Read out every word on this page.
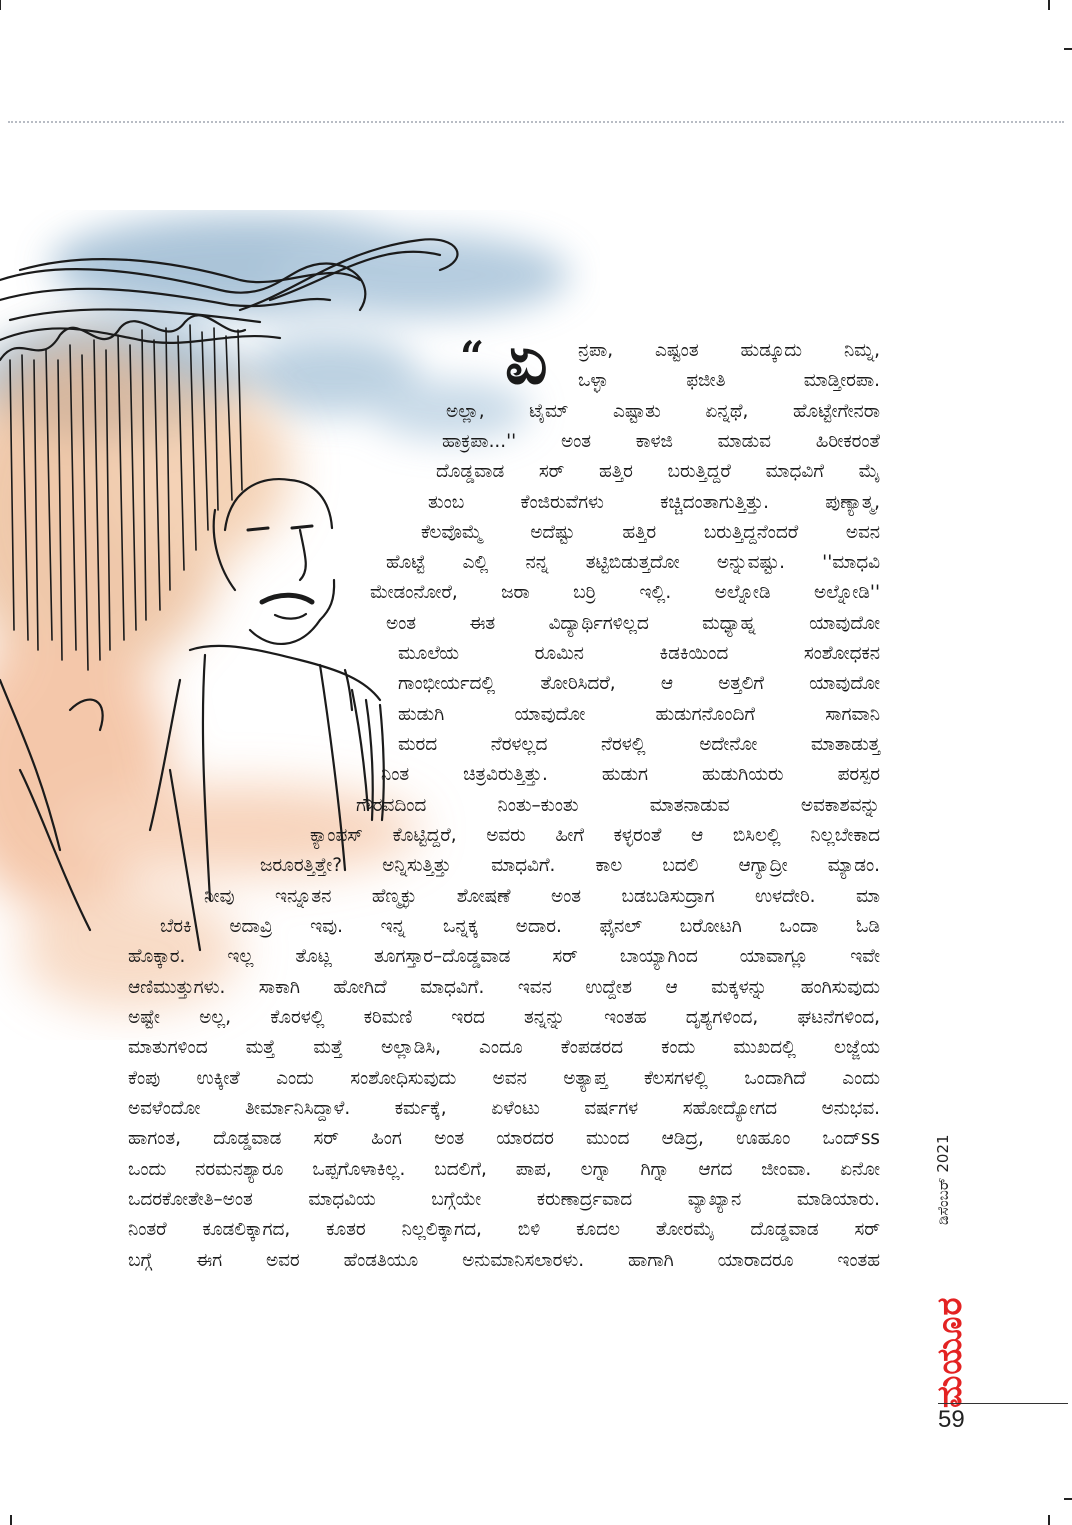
“ ಏ ನ್ರಪಾ, ಎಷ್ಟಂತ ಹುಡ್ಕೂದು ನಿಮ್ನ,
ಒಳ್ಳಾ ಫಜೀತಿ ಮಾಡ್ತೀರಪಾ.
ಅಲ್ಲಾ, ಟೈಮ್ ಎಷ್ಟಾತು ಏನ್ನಥೆ, ಹೊಟ್ಟೇಗೇನರಾ
ಹಾಕ್ರಪಾ...'' ಅಂತ ಕಾಳಜಿ ಮಾಡುವ ಹಿರೀಕರಂತೆ
ದೊಡ್ಡವಾಡ ಸರ್ ಹತ್ತಿರ ಬರುತ್ತಿದ್ದರೆ ಮಾಧವಿಗೆ ಮೈ
ತುಂಬ ಕೆಂಜಿರುವೆಗಳು ಕಚ್ಚಿದಂತಾಗುತ್ತಿತ್ತು. ಪುಣ್ಯಾತ್ಮ,
ಕೆಲವೊಮ್ಮೆ ಅದೆಷ್ಟು ಹತ್ತಿರ ಬರುತ್ತಿದ್ದನೆಂದರೆ ಅವನ
ಹೊಟ್ಟೆ ಎಲ್ಲಿ ನನ್ನ ತಟ್ಟಿಬಿಡುತ್ತದೋ ಅನ್ನುವಷ್ಟು. ''ಮಾಧವಿ
ಮೇಡಂನೋರೆ, ಜರಾ ಬರ್ರಿ ಇಲ್ಲಿ. ಅಲ್ನೋಡಿ ಅಲ್ನೋಡಿ''
ಅಂತ ಈತ ವಿದ್ಯಾರ್ಥಿಗಳಿಲ್ಲದ ಮಧ್ಯಾಹ್ನ ಯಾವುದೋ
ಮೂಲೆಯ ರೂಮಿನ ಕಿಡಕಿಯಿಂದ ಸಂಶೋಧಕನ
ಗಾಂಭೀರ್ಯದಲ್ಲಿ ತೋರಿಸಿದರೆ, ಆ ಅತ್ತಲಿಗೆ ಯಾವುದೋ
ಹುಡುಗಿ ಯಾವುದೋ ಹುಡುಗನೊಂದಿಗೆ ಸಾಗವಾನಿ
ಮರದ ನೆರಳಲ್ಲದ ನೆರಳಲ್ಲಿ ಅದೇನೋ ಮಾತಾಡುತ್ತ
ನಿಂತ ಚಿತ್ರವಿರುತ್ತಿತ್ತು. ಹುಡುಗ ಹುಡುಗಿಯರು ಪರಸ್ಪರ
ಗೌರವದಿಂದ ನಿಂತು–ಕುಂತು ಮಾತನಾಡುವ ಅವಕಾಶವನ್ನು
ಕ್ಯಾಂಪಸ್ ಕೊಟ್ಟಿದ್ದರೆ, ಅವರು ಹೀಗೆ ಕಳ್ಳರಂತೆ ಆ ಬಿಸಿಲಲ್ಲಿ ನಿಲ್ಲಬೇಕಾದ
ಜರೂರತ್ತಿತ್ತೇ? ಅನ್ನಿಸುತ್ತಿತ್ತು ಮಾಧವಿಗೆ. ಕಾಲ ಬದಲಿ ಆಗ್ಯಾದ್ರೀ ಮ್ಯಾಡಂ.
ನೀವು ಇನ್ನೂತನ ಹೆಣ್ಮಕ್ಳು ಶೋಷಣೆ ಅಂತ ಬಡಬಡಿಸುದ್ರಾಗ ಉಳದೇರಿ. ಮಾ
ಬೆರಕಿ ಅದಾವ್ರಿ ಇವು. ಇನ್ನ ಒನ್ನಕ್ಕ ಅದಾರ. ಫೈನಲ್ ಬರೋಟಗಿ ಒಂದಾ ಓಡಿ
ಹೊಕ್ಕಾರ. ಇಲ್ಲ ತೊಟ್ಲ ತೂಗಸ್ತಾರ–ದೊಡ್ಡವಾಡ ಸರ್ ಬಾಯ್ಯಾಗಿಂದ ಯಾವಾಗ್ಲೂ ಇವೇ
ಆಣಿಮುತ್ತುಗಳು. ಸಾಕಾಗಿ ಹೋಗಿದೆ ಮಾಧವಿಗೆ. ಇವನ ಉದ್ದೇಶ ಆ ಮಕ್ಕಳನ್ನು ಹಂಗಿಸುವುದು
ಅಷ್ಟೇ ಅಲ್ಲ, ಕೊರಳಲ್ಲಿ ಕರಿಮಣಿ ಇರದ ತನ್ನನ್ನು ಇಂತಹ ದೃಶ್ಯಗಳಿಂದ, ಘಟನೆಗಳಿಂದ,
ಮಾತುಗಳಿಂದ ಮತ್ತೆ ಮತ್ತೆ ಅಲ್ಲಾಡಿಸಿ, ಎಂದೂ ಕೆಂಪಡರದ ಕಂದು ಮುಖದಲ್ಲಿ ಲಜ್ಜೆಯ
ಕೆಂಪು ಉಕ್ಕೀತೆ ಎಂದು ಸಂಶೋಧಿಸುವುದು ಅವನ ಅತ್ಯಾಪ್ತ ಕೆಲಸಗಳಲ್ಲಿ ಒಂದಾಗಿದೆ ಎಂದು
ಅವಳೆಂದೋ ತೀರ್ಮಾನಿಸಿದ್ದಾಳೆ. ಕರ್ಮಕ್ಕೆ, ಏಳೆಂಟು ವರ್ಷಗಳ ಸಹೋದ್ಯೋಗದ ಅನುಭವ.
ಹಾಗಂತ, ದೊಡ್ಡವಾಡ ಸರ್ ಹಿಂಗ ಅಂತ ಯಾರದರ ಮುಂದ ಆಡಿದ್ರ, ಊಹೂಂ ಒಂದ್ss
ಒಂದು ನರಮನಶ್ಯಾರೂ ಒಪ್ಪಗೊಳಾಕಿಲ್ಲ. ಬದಲಿಗೆ, ಪಾಪ, ಲಗ್ನಾ ಗಿಗ್ನಾ ಆಗದ ಜೀಂವಾ. ಏನೋ
ಒದರಕೋತೇತಿ–ಅಂತ ಮಾಧವಿಯ ಬಗ್ಗೆಯೇ ಕರುಣಾರ್ದ್ರವಾದ ವ್ಯಾಖ್ಯಾನ ಮಾಡಿಯಾರು.
ನಿಂತರೆ ಕೂಡಲಿಕ್ಕಾಗದ, ಕೂತರ ನಿಲ್ಲಲಿಕ್ಕಾಗದ, ಬಿಳಿ ಕೂದಲ ತೋರಮೈ ದೊಡ್ಡವಾಡ ಸರ್
ಬಗ್ಗೆ ಈಗ ಅವರ ಹೆಂಡತಿಯೂ ಅನುಮಾನಿಸಲಾರಳು. ಹಾಗಾಗಿ ಯಾರಾದರೂ ಇಂತಹ
ಡಿಸೆಂಬರ್ 2021
ಮಯೂರ
59
